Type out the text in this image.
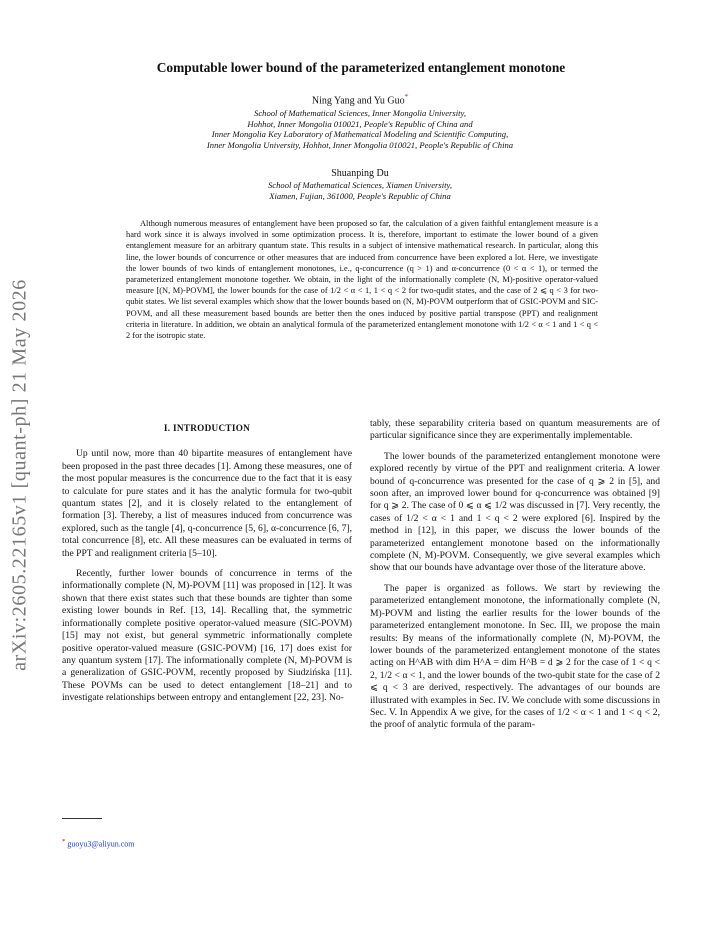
arXiv:2605.22165v1 [quant-ph] 21 May 2026
Computable lower bound of the parameterized entanglement monotone
Ning Yang and Yu Guo*
School of Mathematical Sciences, Inner Mongolia University,
Hohhot, Inner Mongolia 010021, People's Republic of China and
Inner Mongolia Key Laboratory of Mathematical Modeling and Scientific Computing,
Inner Mongolia University, Hohhot, Inner Mongolia 010021, People's Republic of China
Shuanping Du
School of Mathematical Sciences, Xiamen University,
Xiamen, Fujian, 361000, People's Republic of China
Although numerous measures of entanglement have been proposed so far, the calculation of a given faithful entanglement measure is a hard work since it is always involved in some optimization process. It is, therefore, important to estimate the lower bound of a given entanglement measure for an arbitrary quantum state. This results in a subject of intensive mathematical research. In particular, along this line, the lower bounds of concurrence or other measures that are induced from concurrence have been explored a lot. Here, we investigate the lower bounds of two kinds of entanglement monotones, i.e., q-concurrence (q > 1) and α-concurrence (0 < α < 1), or termed the parameterized entanglement monotone together. We obtain, in the light of the informationally complete (N, M)-positive operator-valued measure [(N, M)-POVM], the lower bounds for the case of 1/2 < α < 1, 1 < q < 2 for two-qudit states, and the case of 2 ⩽ q < 3 for two-qubit states. We list several examples which show that the lower bounds based on (N, M)-POVM outperform that of GSIC-POVM and SIC-POVM, and all these measurement based bounds are better then the ones induced by positive partial transpose (PPT) and realignment criteria in literature. In addition, we obtain an analytical formula of the parameterized entanglement monotone with 1/2 < α < 1 and 1 < q < 2 for the isotropic state.
I. INTRODUCTION

Up until now, more than 40 bipartite measures of entanglement have been proposed in the past three decades [1]. Among these measures, one of the most popular measures is the concurrence due to the fact that it is easy to calculate for pure states and it has the analytic formula for two-qubit quantum states [2], and it is closely related to the entanglement of formation [3]. Thereby, a list of measures induced from concurrence was explored, such as the tangle [4], q-concurrence [5, 6], α-concurrence [6, 7], total concurrence [8], etc. All these measures can be evaluated in terms of the PPT and realignment criteria [5–10].

Recently, further lower bounds of concurrence in terms of the informationally complete (N, M)-POVM [11] was proposed in [12]. It was shown that there exist states such that these bounds are tighter than some existing lower bounds in Ref. [13, 14]. Recalling that, the symmetric informationally complete positive operator-valued measure (SIC-POVM) [15] may not exist, but general symmetric informationally complete positive operator-valued measure (GSIC-POVM) [16, 17] does exist for any quantum system [17]. The informationally complete (N, M)-POVM is a generalization of GSIC-POVM, recently proposed by Siudzińska [11]. These POVMs can be used to detect entanglement [18–21] and to investigate relationships between entropy and entanglement [22, 23]. No-

tably, these separability criteria based on quantum measurements are of particular significance since they are experimentally implementable.

The lower bounds of the parameterized entanglement monotone were explored recently by virtue of the PPT and realignment criteria. A lower bound of q-concurrence was presented for the case of q ⩾ 2 in [5], and soon after, an improved lower bound for q-concurrence was obtained [9] for q ⩾ 2. The case of 0 ⩽ α ⩽ 1/2 was discussed in [7]. Very recently, the cases of 1/2 < α < 1 and 1 < q < 2 were explored [6]. Inspired by the method in [12], in this paper, we discuss the lower bounds of the parameterized entanglement monotone based on the informationally complete (N, M)-POVM. Consequently, we give several examples which show that our bounds have advantage over those of the literature above.

The paper is organized as follows. We start by reviewing the parameterized entanglement monotone, the informationally complete (N, M)-POVM and listing the earlier results for the lower bounds of the parameterized entanglement monotone. In Sec. III, we propose the main results: By means of the informationally complete (N, M)-POVM, the lower bounds of the parameterized entanglement monotone of the states acting on H^AB with dim H^A = dim H^B = d ⩾ 2 for the case of 1 < q < 2, 1/2 < α < 1, and the lower bounds of the two-qubit state for the case of 2 ⩽ q < 3 are derived, respectively. The advantages of our bounds are illustrated with examples in Sec. IV. We conclude with some discussions in Sec. V. In Appendix A we give, for the cases of 1/2 < α < 1 and 1 < q < 2, the proof of analytic formula of the param-

* guoyu3@aliyun.com
